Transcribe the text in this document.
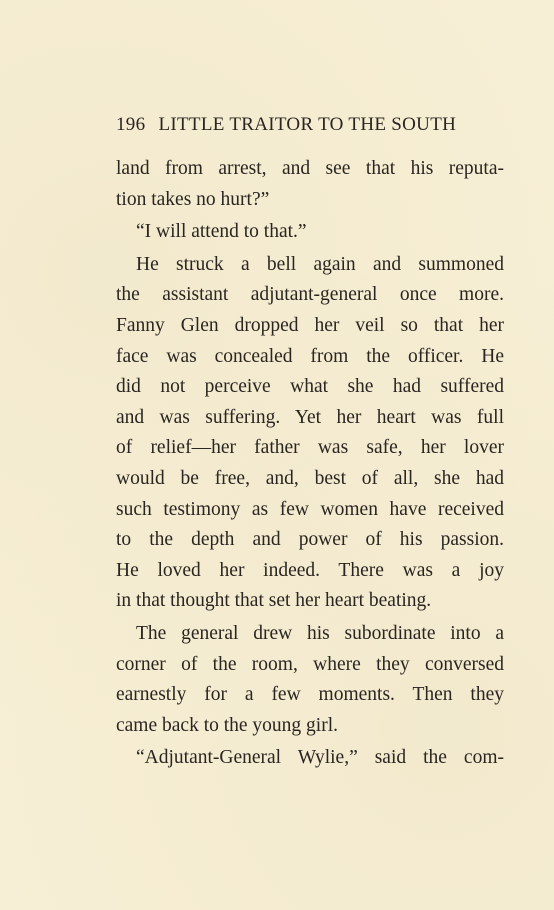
196 LITTLE TRAITOR TO THE SOUTH
land from arrest, and see that his reputa-
tion takes no hurt?”
“I will attend to that.”
He struck a bell again and summoned
the assistant adjutant-general once more.
Fanny Glen dropped her veil so that her
face was concealed from the officer. He
did not perceive what she had suffered
and was suffering. Yet her heart was full
of relief—her father was safe, her lover
would be free, and, best of all, she had
such testimony as few women have received
to the depth and power of his passion.
He loved her indeed. There was a joy
in that thought that set her heart beating.
The general drew his subordinate into a
corner of the room, where they conversed
earnestly for a few moments. Then they
came back to the young girl.
“Adjutant-General Wylie,” said the com-
